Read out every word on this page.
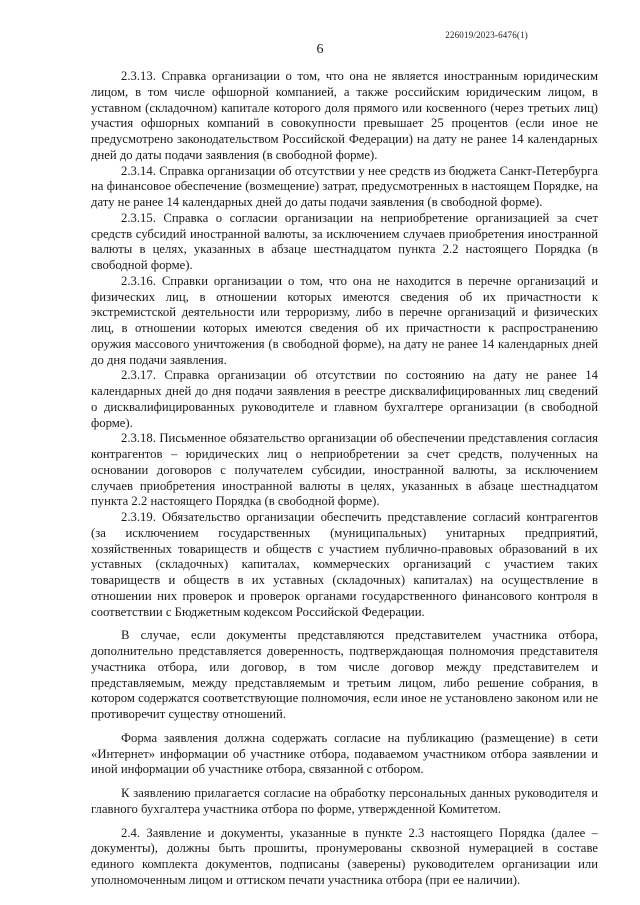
226019/2023-6476(1)
6

2.3.13. Справка организации о том, что она не является иностранным юридическим лицом, в том числе офшорной компанией, а также российским юридическим лицом, в уставном (складочном) капитале которого доля прямого или косвенного (через третьих лиц) участия офшорных компаний в совокупности превышает 25 процентов (если иное не предусмотрено законодательством Российской Федерации) на дату не ранее 14 календарных дней до даты подачи заявления (в свободной форме).

2.3.14. Справка организации об отсутствии у нее средств из бюджета Санкт-Петербурга на финансовое обеспечение (возмещение) затрат, предусмотренных в настоящем Порядке, на дату не ранее 14 календарных дней до даты подачи заявления (в свободной форме).

2.3.15. Справка о согласии организации на неприобретение организацией за счет средств субсидий иностранной валюты, за исключением случаев приобретения иностранной валюты в целях, указанных в абзаце шестнадцатом пункта 2.2 настоящего Порядка (в свободной форме).

2.3.16. Справки организации о том, что она не находится в перечне организаций и физических лиц, в отношении которых имеются сведения об их причастности к экстремистской деятельности или терроризму, либо в перечне организаций и физических лиц, в отношении которых имеются сведения об их причастности к распространению оружия массового уничтожения (в свободной форме), на дату не ранее 14 календарных дней до дня подачи заявления.

2.3.17. Справка организации об отсутствии по состоянию на дату не ранее 14 календарных дней до дня подачи заявления в реестре дисквалифицированных лиц сведений о дисквалифицированных руководителе и главном бухгалтере организации (в свободной форме).

2.3.18. Письменное обязательство организации об обеспечении представления согласия контрагентов – юридических лиц о неприобретении за счет средств, полученных на основании договоров с получателем субсидии, иностранной валюты, за исключением случаев приобретения иностранной валюты в целях, указанных в абзаце шестнадцатом пункта 2.2 настоящего Порядка (в свободной форме).

2.3.19. Обязательство организации обеспечить представление согласий контрагентов (за исключением государственных (муниципальных) унитарных предприятий, хозяйственных товариществ и обществ с участием публично-правовых образований в их уставных (складочных) капиталах, коммерческих организаций с участием таких товариществ и обществ в их уставных (складочных) капиталах) на осуществление в отношении них проверок и проверок органами государственного финансового контроля в соответствии с Бюджетным кодексом Российской Федерации.

В случае, если документы представляются представителем участника отбора, дополнительно представляется доверенность, подтверждающая полномочия представителя участника отбора, или договор, в том числе договор между представителем и представляемым, между представляемым и третьим лицом, либо решение собрания, в котором содержатся соответствующие полномочия, если иное не установлено законом или не противоречит существу отношений.

Форма заявления должна содержать согласие на публикацию (размещение) в сети «Интернет» информации об участнике отбора, подаваемом участником отбора заявлении и иной информации об участнике отбора, связанной с отбором.

К заявлению прилагается согласие на обработку персональных данных руководителя и главного бухгалтера участника отбора по форме, утвержденной Комитетом.

2.4. Заявление и документы, указанные в пункте 2.3 настоящего Порядка (далее – документы), должны быть прошиты, пронумерованы сквозной нумерацией в составе единого комплекта документов, подписаны (заверены) руководителем организации или уполномоченным лицом и оттиском печати участника отбора (при ее наличии).
